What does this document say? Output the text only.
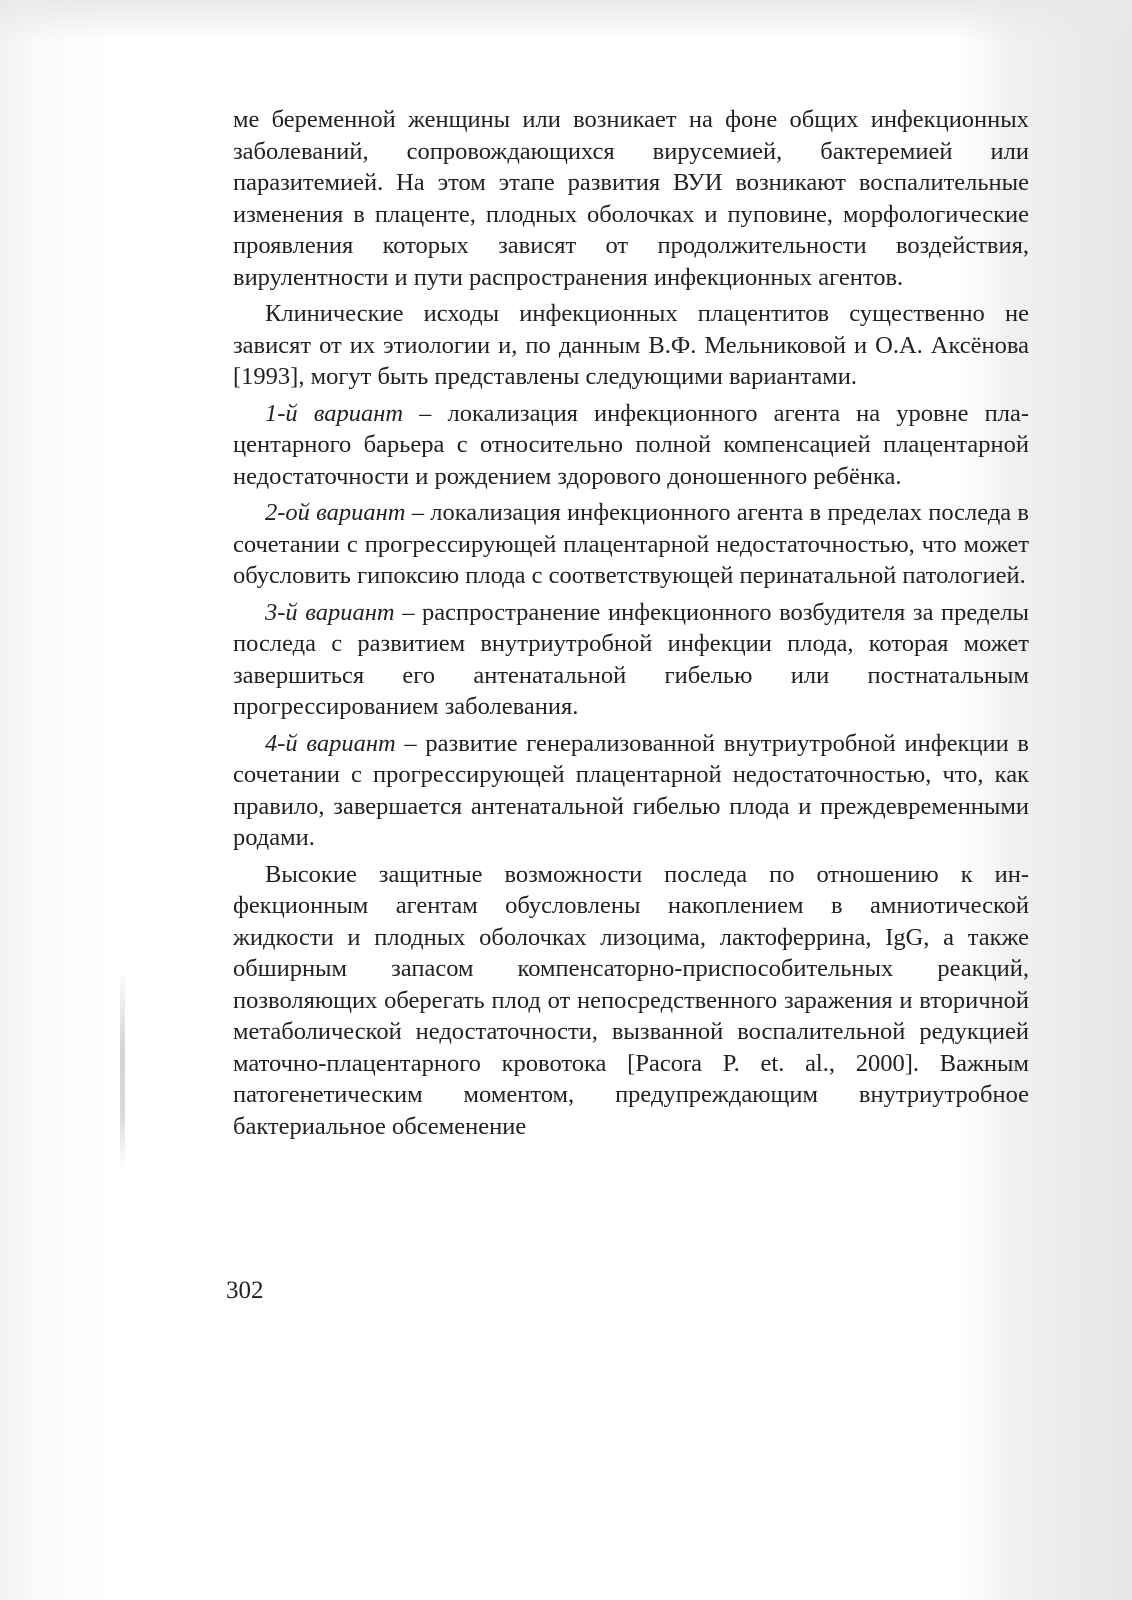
ме беременной женщины или возникает на фоне общих инфекционных заболеваний, сопровождающихся вирусемией, бактеремией или паразитемией. На этом этапе развития ВУИ возникают воспалительные изменения в плаценте, плодных оболочках и пуповине, морфологические проявления которых зависят от продолжительности воздействия, вирулентности и пути распространения инфекционных агентов.

Клинические исходы инфекционных плацентитов существенно не зависят от их этиологии и, по данным В.Ф. Мельниковой и О.А. Аксёнова [1993], могут быть представлены следующими вариантами.

1-й вариант – локализация инфекционного агента на уровне плацентарного барьера с относительно полной компенсацией плацентарной недостаточности и рождением здорового доношенного ребёнка.

2-ой вариант – локализация инфекционного агента в пределах последа в сочетании с прогрессирующей плацентарной недостаточностью, что может обусловить гипоксию плода с соответствующей перинатальной патологией.

3-й вариант – распространение инфекционного возбудителя за пределы последа с развитием внутриутробной инфекции плода, которая может завершиться его антенатальной гибелью или постнатальным прогрессированием заболевания.

4-й вариант – развитие генерализованной внутриутробной инфекции в сочетании с прогрессирующей плацентарной недостаточностью, что, как правило, завершается антенатальной гибелью плода и преждевременными родами.

Высокие защитные возможности последа по отношению к инфекционным агентам обусловлены накоплением в амниотической жидкости и плодных оболочках лизоцима, лактоферрина, IgG, а также обширным запасом компенсаторно-приспособительных реакций, позволяющих оберегать плод от непосредственного заражения и вторичной метаболической недостаточности, вызванной воспалительной редукцией маточно-плацентарного кровотока [Pacora P. et. al., 2000]. Важным патогенетическим моментом, предупреждающим внутриутробное бактериальное обсеменение

302
